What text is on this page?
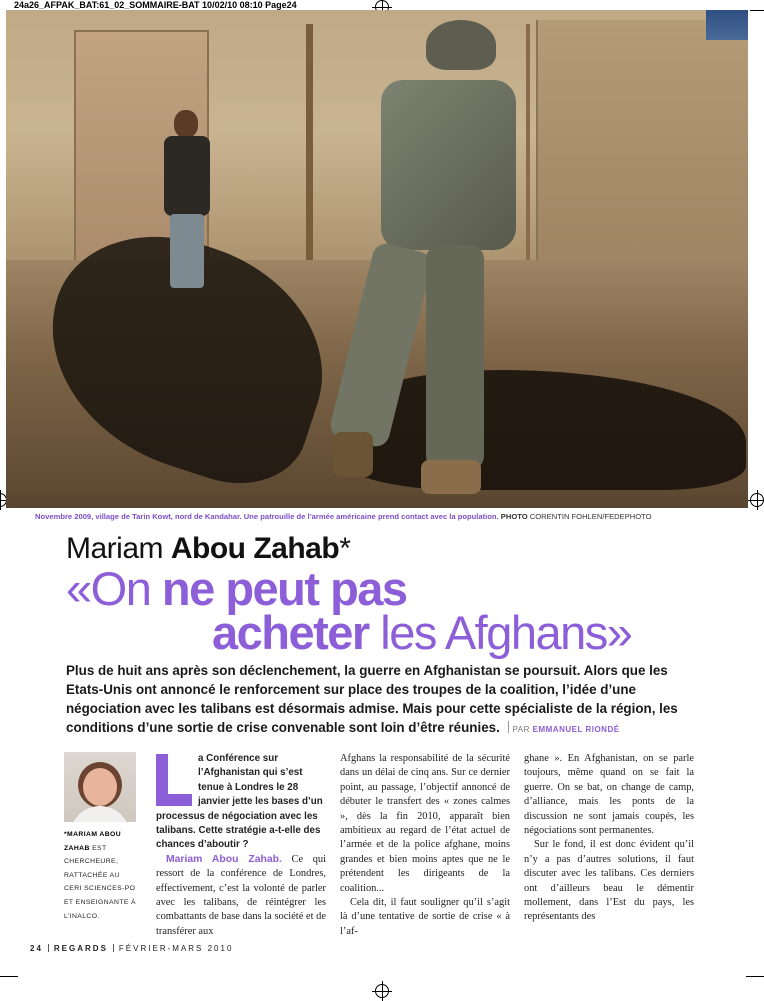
24a26_AFPAK_BAT:61_02_SOMMAIRE-BAT 10/02/10 08:10 Page24
Novembre 2009, village de Tarin Kowt, nord de Kandahar. Une patrouille de l’armée américaine prend contact avec la population. PHOTO CORENTIN FOHLEN/FEDEPHOTO
Mariam Abou Zahab*
«On ne peut pas
acheter les Afghans»
Plus de huit ans après son déclenchement, la guerre en Afghanistan se poursuit. Alors que les Etats-Unis ont annoncé le renforcement sur place des troupes de la coalition, l’idée d’une négociation avec les talibans est désormais admise. Mais pour cette spécialiste de la région, les conditions d’une sortie de crise convenable sont loin d’être réunies. PAR EMMANUEL RIONDÉ
*MARIAM ABOU ZAHAB EST CHERCHEURE, RATTACHÉE AU CERI SCIENCES-PO ET ENSEIGNANTE À L’INALCO.
a Conférence sur l’Afghanistan qui s’est tenue à Londres le 28 janvier jette les bases d’un processus de négociation avec les talibans. Cette stratégie a-t-elle des chances d’aboutir ?

Mariam Abou Zahab. Ce qui ressort de la conférence de Londres, effectivement, c’est la volonté de parler avec les talibans, de réintégrer les combattants de base dans la société et de transférer aux

Afghans la responsabilité de la sécurité dans un délai de cinq ans. Sur ce dernier point, au passage, l’objectif annoncé de débuter le transfert des « zones calmes », dès la fin 2010, apparaît bien ambitieux au regard de l’état actuel de l’armée et de la police afghane, moins grandes et bien moins aptes que ne le prétendent les dirigeants de la coalition...

Cela dit, il faut souligner qu’il s’agit là d’une tentative de sortie de crise « à l’af-

ghane ». En Afghanistan, on se parle toujours, même quand on se fait la guerre. On se bat, on change de camp, d’alliance, mais les ponts de la discussion ne sont jamais coupés, les négociations sont permanentes.

Sur le fond, il est donc évident qu’il n’y a pas d’autres solutions, il faut discuter avec les talibans. Ces derniers ont d’ailleurs beau le démentir mollement, dans l’Est du pays, les représentants des

24 REGARDS FÉVRIER-MARS 2010
